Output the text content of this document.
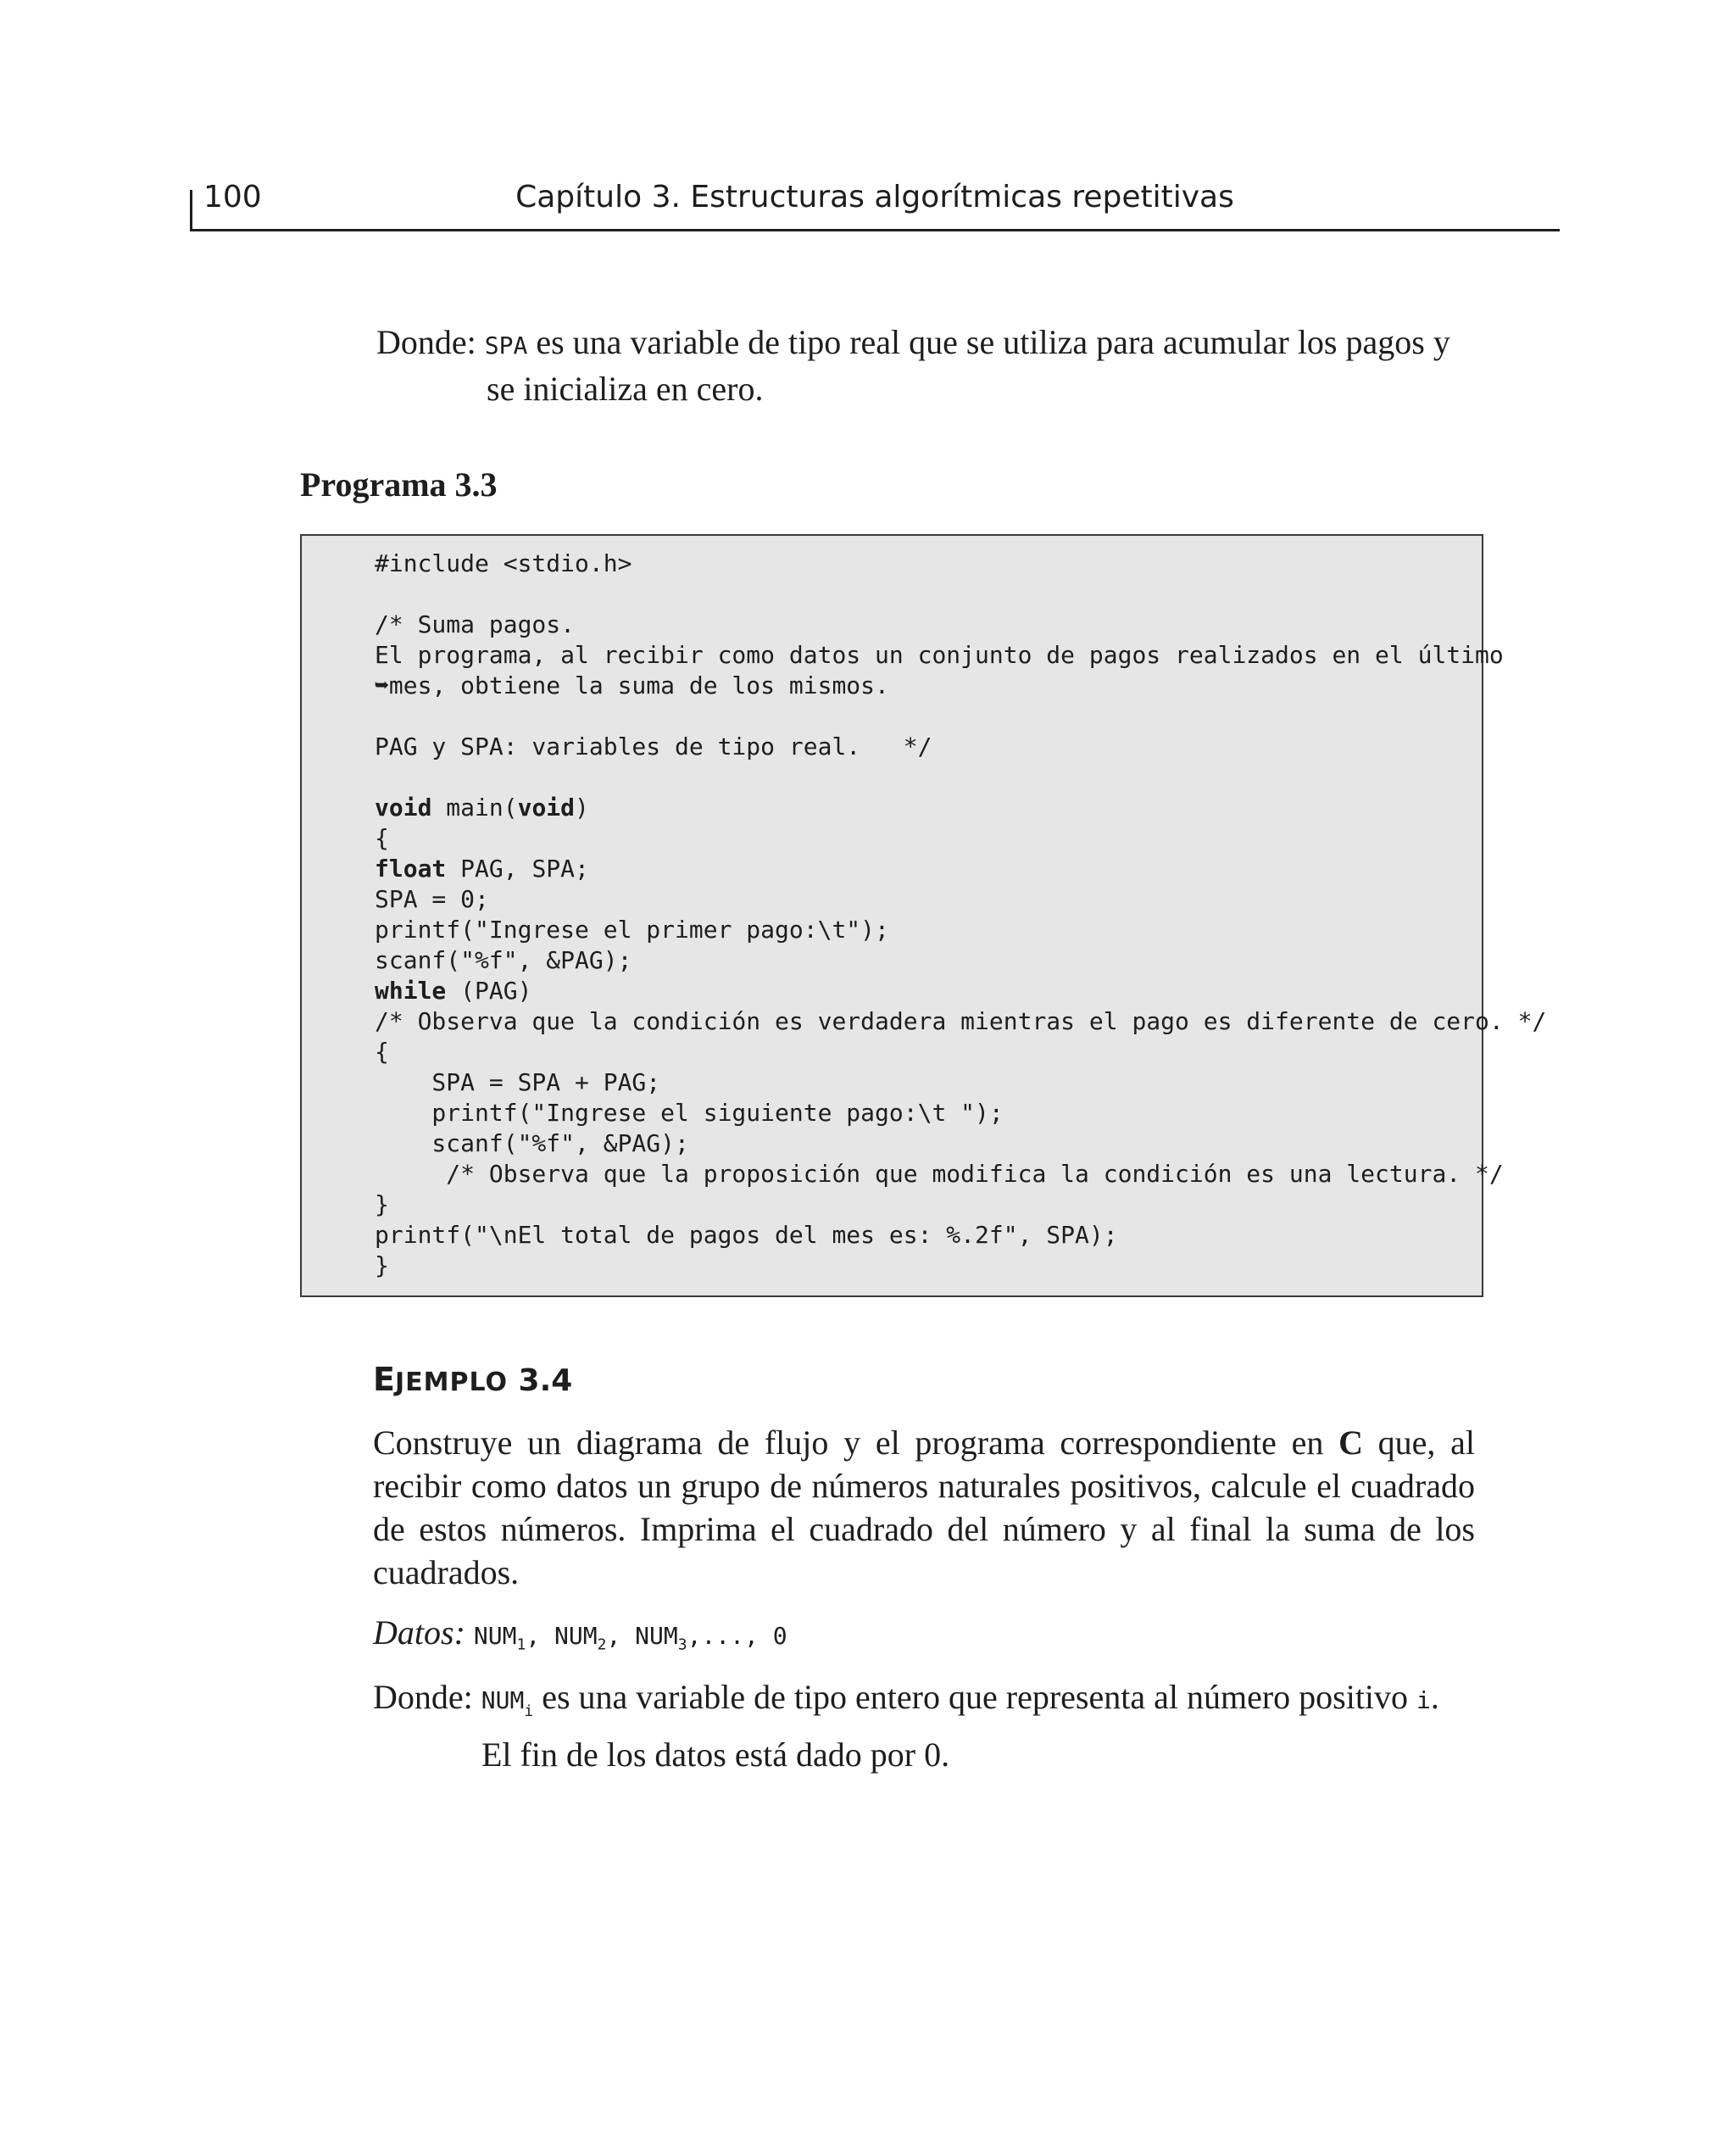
100	Capítulo 3. Estructuras algorítmicas repetitivas
Donde: SPA es una variable de tipo real que se utiliza para acumular los pagos y
se inicializa en cero.
Programa 3.3
#include <stdio.h>
/* Suma pagos.
El programa, al recibir como datos un conjunto de pagos realizados en el último
➥mes, obtiene la suma de los mismos.
PAG y SPA: variables de tipo real.   */
void main(void)
{
float PAG, SPA;
SPA = 0;
printf("Ingrese el primer pago:\t");
scanf("%f", &PAG);
while (PAG)
/* Observa que la condición es verdadera mientras el pago es diferente de cero. */
{
SPA = SPA + PAG;
printf("Ingrese el siguiente pago:\t ");
scanf("%f", &PAG);
/* Observa que la proposición que modifica la condición es una lectura. */
}
printf("\nEl total de pagos del mes es: %.2f", SPA);
}
EJEMPLO 3.4

Construye un diagrama de flujo y el programa correspondiente en C que, al recibir como datos un grupo de números naturales positivos, calcule el cuadrado de estos números. Imprima el cuadrado del número y al final la suma de los cuadrados.

Datos: $NUM_1$, $NUM_2$, $NUM_3$,..., 0
Donde: $NUM_i$ es una variable de tipo entero que representa al número positivo i.
El fin de los datos está dado por 0.
